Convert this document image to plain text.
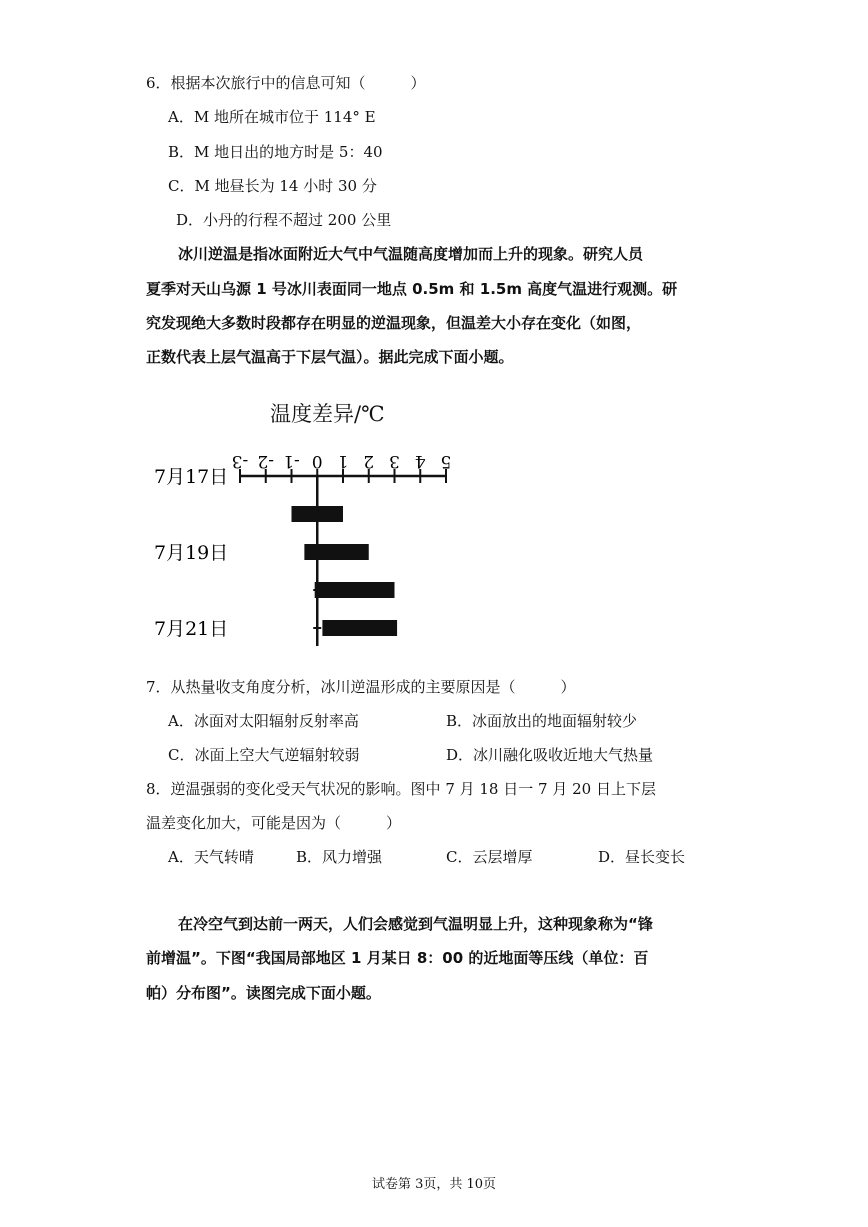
6．根据本次旅行中的信息可知（　　　）
A．M 地所在城市位于 114° E
B．M 地日出的地方时是 5：40
C．M 地昼长为 14 小时 30 分
D．小丹的行程不超过 200 公里
冰川逆温是指冰面附近大气中气温随高度增加而上升的现象。研究人员
夏季对天山乌源 1 号冰川表面同一地点 0.5m 和 1.5m 高度气温进行观测。研
究发现绝大多数时段都存在明显的逆温现象，但温差大小存在变化（如图，
正数代表上层气温高于下层气温）。据此完成下面小题。
温度差异/℃
-3 -2 -1 0 1 2 3 4 5
7月17日
7月19日
7月21日
7．从热量收支角度分析，冰川逆温形成的主要原因是（　　　）
A．冰面对太阳辐射反射率高	B．冰面放出的地面辐射较少
C．冰面上空大气逆辐射较弱	D．冰川融化吸收近地大气热量
8．逆温强弱的变化受天气状况的影响。图中 7 月 18 日一 7 月 20 日上下层
温差变化加大，可能是因为（　　　）
A．天气转晴	B．风力增强	C．云层增厚	D．昼长变长
在冷空气到达前一两天，人们会感觉到气温明显上升，这种现象称为“锋
前增温”。下图“我国局部地区 1 月某日 8：00 的近地面等压线（单位：百
帕）分布图”。读图完成下面小题。
试卷第 3页，共 10页
